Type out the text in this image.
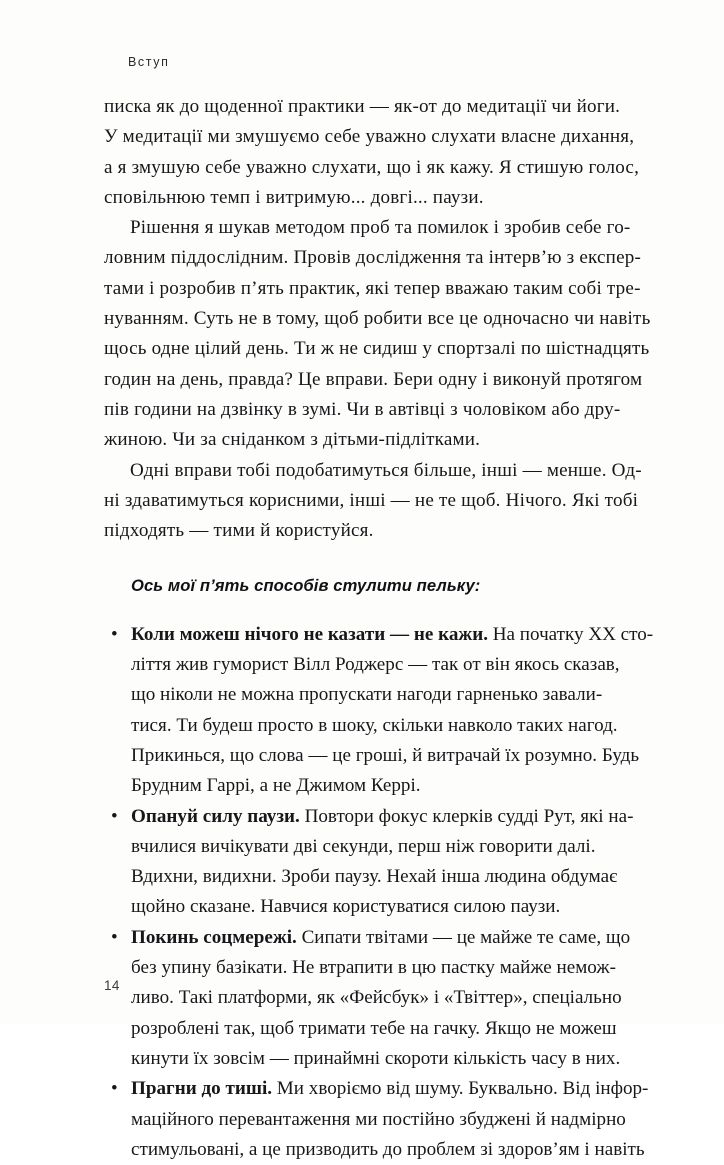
Вступ

писка як до щоденної практики — як-от до медитації чи йоги.
У медитації ми змушуємо себе уважно слухати власне дихання,
а я змушую себе уважно слухати, що і як кажу. Я стишую голос,
сповільнюю темп і витримую... довгі... паузи.

Рішення я шукав методом проб та помилок і зробив себе го-
ловним піддослідним. Провів дослідження та інтерв’ю з експер-
тами і розробив п’ять практик, які тепер вважаю таким собі тре-
нуванням. Суть не в тому, щоб робити все це одночасно чи навіть
щось одне цілий день. Ти ж не сидиш у спортзалі по шістнадцять
годин на день, правда? Це вправи. Бери одну і виконуй протягом
пів години на дзвінку в зумі. Чи в автівці з чоловіком або дру-
жиною. Чи за сніданком з дітьми-підлітками.

Одні вправи тобі подобатимуться більше, інші — менше. Од-
ні здаватимуться корисними, інші — не те щоб. Нічого. Які тобі
підходять — тими й користуйся.

Ось мої п’ять способів стулити пельку:

• Коли можеш нічого не казати — не кажи. На початку ХХ сто-
ліття жив гуморист Вілл Роджерс — так от він якось сказав,
що ніколи не можна пропускати нагоди гарненько завали-
тися. Ти будеш просто в шоку, скільки навколо таких нагод.
Прикинься, що слова — це гроші, й витрачай їх розумно. Будь
Брудним Гаррі, а не Джимом Керрі.
• Опануй силу паузи. Повтори фокус клерків судді Рут, які на-
вчилися вичікувати дві секунди, перш ніж говорити далі.
Вдихни, видихни. Зроби паузу. Нехай інша людина обдумає
щойно сказане. Навчися користуватися силою паузи.
• Покинь соцмережі. Сипати твітами — це майже те саме, що
без упину базікати. Не втрапити в цю пастку майже немож-
ливо. Такі платформи, як «Фейсбук» і «Твіттер», спеціально
розроблені так, щоб тримати тебе на гачку. Якщо не можеш
кинути їх зовсім — принаймні скороти кількість часу в них.
• Прагни до тиші. Ми хворіємо від шуму. Буквально. Від інфор-
маційного перевантаження ми постійно збуджені й надмірно
стимульовані, а це призводить до проблем зі здоров’ям і навіть
14
